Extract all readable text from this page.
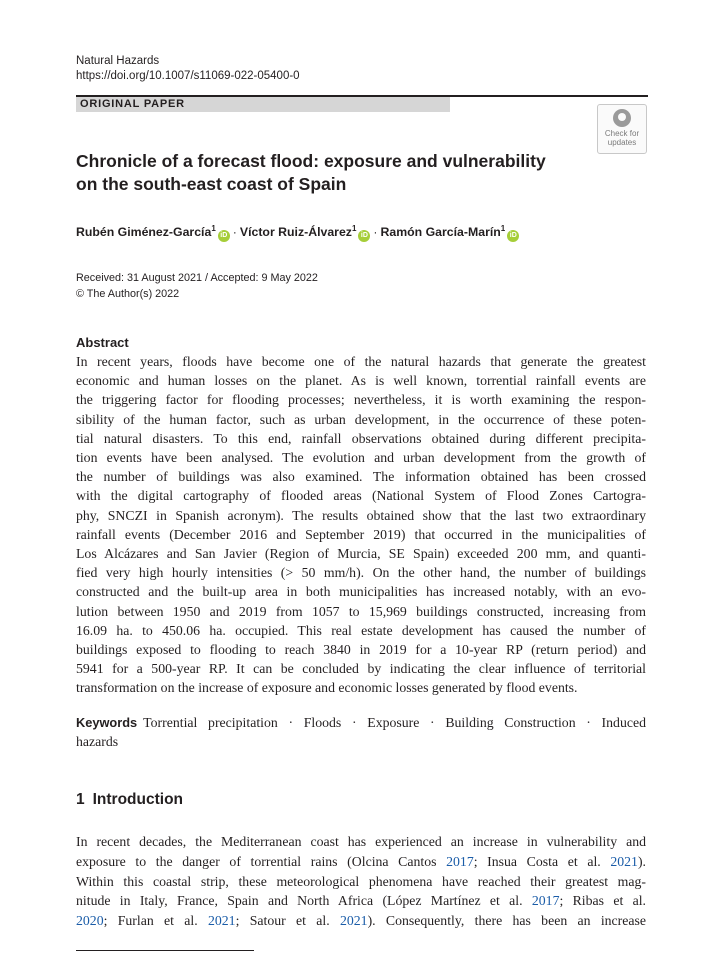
Natural Hazards
https://doi.org/10.1007/s11069-022-05400-0
ORIGINAL PAPER
Check for
updates
Chronicle of a forecast flood: exposure and vulnerability
on the south-east coast of Spain
Rubén Giménez-García$^1$iD · Víctor Ruiz-Álvarez$^1$iD · Ramón García-Marín$^1$iD
Received: 31 August 2021 / Accepted: 9 May 2022
© The Author(s) 2022
Abstract
In recent years, floods have become one of the natural hazards that generate the greatest
economic and human losses on the planet. As is well known, torrential rainfall events are
the triggering factor for flooding processes; nevertheless, it is worth examining the respon-
sibility of the human factor, such as urban development, in the occurrence of these poten-
tial natural disasters. To this end, rainfall observations obtained during different precipita-
tion events have been analysed. The evolution and urban development from the growth of
the number of buildings was also examined. The information obtained has been crossed
with the digital cartography of flooded areas (National System of Flood Zones Cartogra-
phy, SNCZI in Spanish acronym). The results obtained show that the last two extraordinary
rainfall events (December 2016 and September 2019) that occurred in the municipalities of
Los Alcázares and San Javier (Region of Murcia, SE Spain) exceeded 200 mm, and quanti-
fied very high hourly intensities (> 50 mm/h). On the other hand, the number of buildings
constructed and the built-up area in both municipalities has increased notably, with an evo-
lution between 1950 and 2019 from 1057 to 15,969 buildings constructed, increasing from
16.09 ha. to 450.06 ha. occupied. This real estate development has caused the number of
buildings exposed to flooding to reach 3840 in 2019 for a 10-year RP (return period) and
5941 for a 500-year RP. It can be concluded by indicating the clear influence of territorial
transformation on the increase of exposure and economic losses generated by flood events.
Keywords Torrential precipitation · Floods · Exposure · Building Construction · Induced
hazards
1 Introduction
In recent decades, the Mediterranean coast has experienced an increase in vulnerability and
exposure to the danger of torrential rains (Olcina Cantos 2017; Insua Costa et al. 2021).
Within this coastal strip, these meteorological phenomena have reached their greatest mag-
nitude in Italy, France, Spain and North Africa (López Martínez et al. 2017; Ribas et al.
2020; Furlan et al. 2021; Satour et al. 2021). Consequently, there has been an increase
